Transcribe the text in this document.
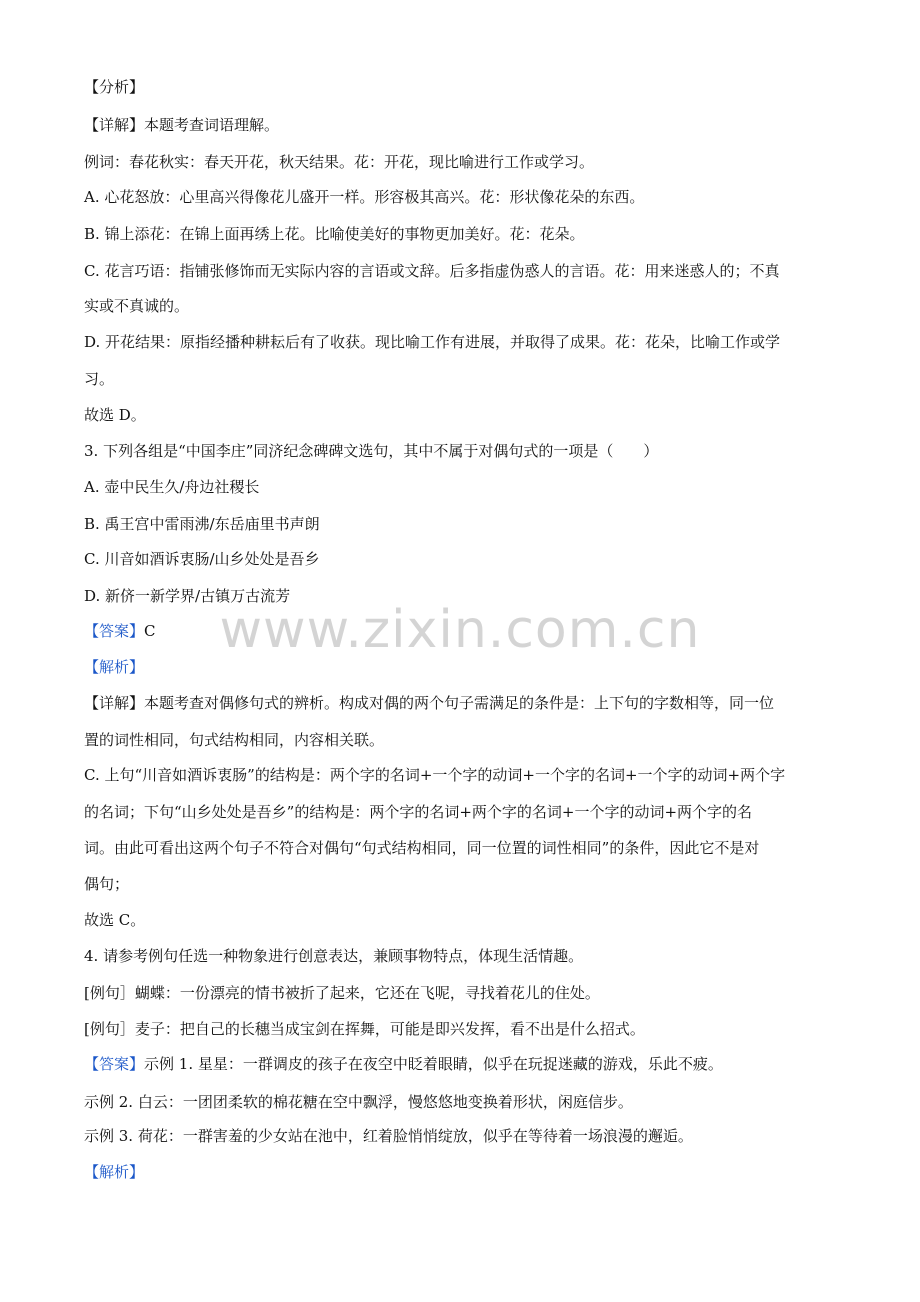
www.zixin.com.cn
【分析】
【详解】本题考查词语理解。
例词：春花秋实：春天开花，秋天结果。花：开花，现比喻进行工作或学习。
A. 心花怒放：心里高兴得像花儿盛开一样。形容极其高兴。花：形状像花朵的东西。
B. 锦上添花：在锦上面再绣上花。比喻使美好的事物更加美好。花：花朵。
C. 花言巧语：指铺张修饰而无实际内容的言语或文辞。后多指虚伪惑人的言语。花：用来迷惑人的；不真
实或不真诚的。
D. 开花结果：原指经播种耕耘后有了收获。现比喻工作有进展，并取得了成果。花：花朵，比喻工作或学
习。
故选 D。
3. 下列各组是“中国李庄”同济纪念碑碑文选句，其中不属于对偶句式的一项是（　　）
A. 壶中民生久/舟边社稷长
B. 禹王宫中雷雨沸/东岳庙里书声朗
C. 川音如酒诉衷肠/山乡处处是吾乡
D. 新侪一新学界/古镇万古流芳
【答案】C
【解析】
【详解】本题考查对偶修句式的辨析。构成对偶的两个句子需满足的条件是：上下句的字数相等，同一位
置的词性相同，句式结构相同，内容相关联。
C. 上句“川音如酒诉衷肠”的结构是：两个字的名词+一个字的动词+一个字的名词+一个字的动词+两个字
的名词；下句“山乡处处是吾乡”的结构是：两个字的名词+两个字的名词+一个字的动词+两个字的名
词。由此可看出这两个句子不符合对偶句“句式结构相同，同一位置的词性相同”的条件，因此它不是对
偶句；
故选 C。
4. 请参考例句任选一种物象进行创意表达，兼顾事物特点，体现生活情趣。
[例句］蝴蝶：一份漂亮的情书被折了起来，它还在飞呢，寻找着花儿的住处。
[例句］麦子：把自己的长穗当成宝剑在挥舞，可能是即兴发挥，看不出是什么招式。
【答案】示例 1. 星星：一群调皮的孩子在夜空中眨着眼睛，似乎在玩捉迷藏的游戏，乐此不疲。
示例 2. 白云：一团团柔软的棉花糖在空中飘浮，慢悠悠地变换着形状，闲庭信步。
示例 3. 荷花：一群害羞的少女站在池中，红着脸悄悄绽放，似乎在等待着一场浪漫的邂逅。
【解析】
